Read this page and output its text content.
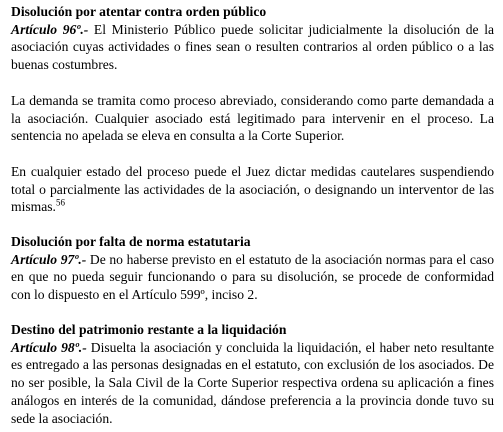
Disolución por atentar contra orden público

Artículo 96º.- El Ministerio Público puede solicitar judicialmente la disolución de la asociación cuyas actividades o fines sean o resulten contrarios al orden público o a las buenas costumbres.

La demanda se tramita como proceso abreviado, considerando como parte demandada a la asociación. Cualquier asociado está legitimado para intervenir en el proceso. La sentencia no apelada se eleva en consulta a la Corte Superior.

En cualquier estado del proceso puede el Juez dictar medidas cautelares suspendiendo total o parcialmente las actividades de la asociación, o designando un interventor de las mismas.$^{56}$

Disolución por falta de norma estatutaria

Artículo 97º.- De no haberse previsto en el estatuto de la asociación normas para el caso en que no pueda seguir funcionando o para su disolución, se procede de conformidad con lo dispuesto en el Artículo 599º, inciso 2.

Destino del patrimonio restante a la liquidación

Artículo 98º.- Disuelta la asociación y concluida la liquidación, el haber neto resultante es entregado a las personas designadas en el estatuto, con exclusión de los asociados. De no ser posible, la Sala Civil de la Corte Superior respectiva ordena su aplicación a fines análogos en interés de la comunidad, dándose preferencia a la provincia donde tuvo su sede la asociación.
